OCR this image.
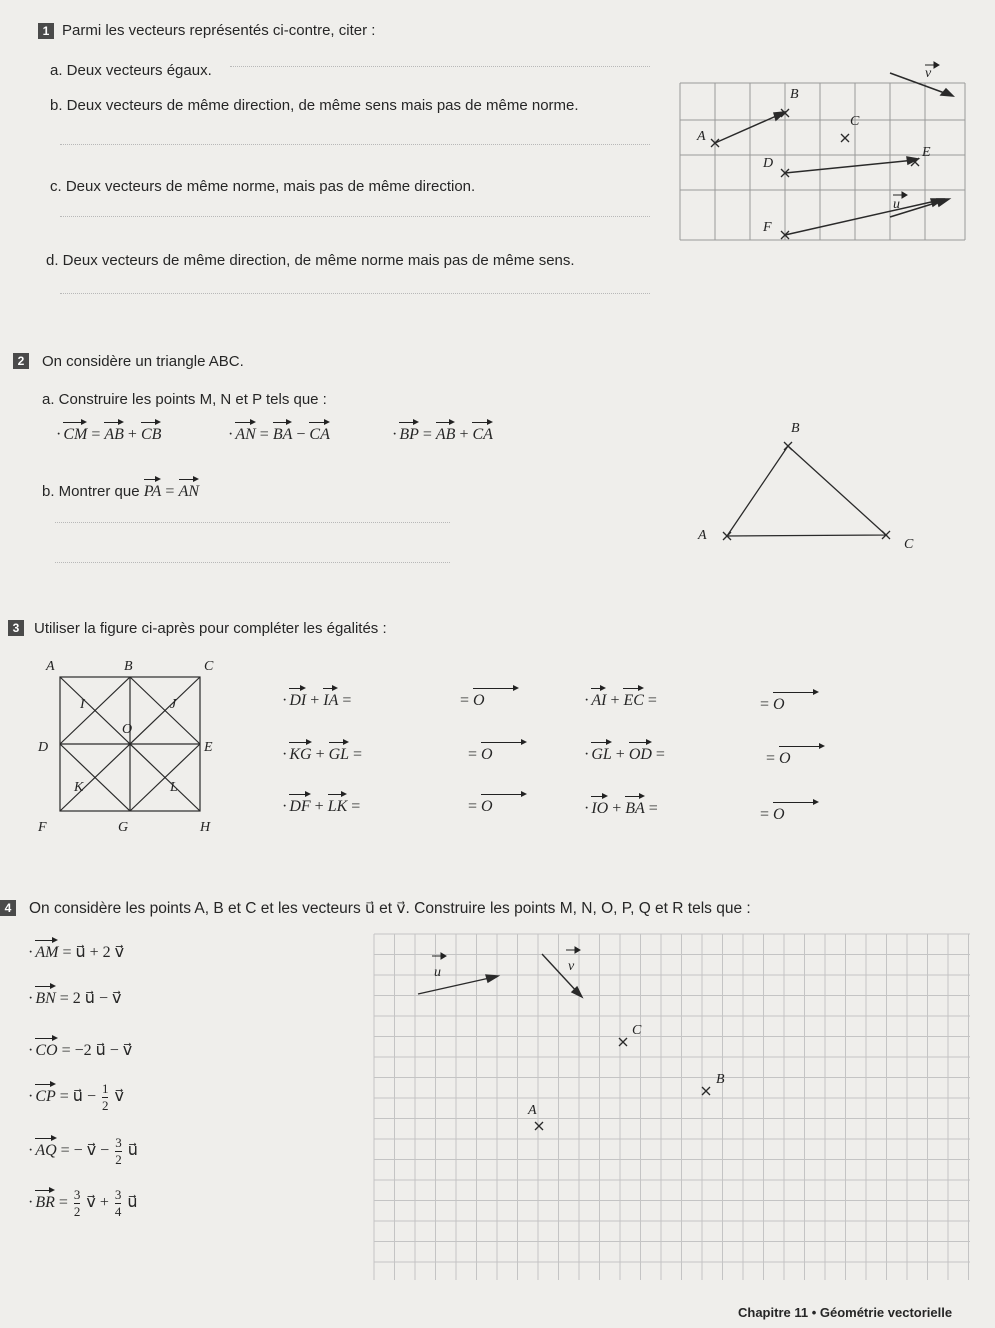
1 Parmi les vecteurs représentés ci-contre, citer :
a. Deux vecteurs égaux.
b. Deux vecteurs de même direction, de même sens mais pas de même norme.
c. Deux vecteurs de même norme, mais pas de même direction.
d. Deux vecteurs de même direction, de même norme mais pas de même sens.
v
B
A
C
D
E
u
F
2	On considère un triangle ABC.
a. Construire les points M, N et P tels que :
· CM = AB + CB	· AN = BA − CA	· BP = AB + CA
b. Montrer que PA = AN
B
A
C
3 Utiliser la figure ci-après pour compléter les égalités :
A	B	C
I	J
O
D	E
K	L
F	G	H
· DI + IA =	= O	· AI + EC =	= O
· KG + GL =	= O	· GL + OD =	= O
· DF + LK =	= O	· IO + BA =	= O
4	On considère les points A, B et C et les vecteurs u⃗ et v⃗. Construire les points M, N, O, P, Q et R tels que :
· AM = u⃗ + 2 v⃗
· BN = 2 u⃗ − v⃗
· CO = −2 u⃗ − v⃗
· CP = u⃗ − $\frac{1}{2}$ v⃗
· AQ = − v⃗ − $\frac{3}{2}$ u⃗
· BR = $\frac{3}{2}$ v⃗ + $\frac{3}{4}$ u⃗
u	v
C
B
A
Chapitre 11 • Géométrie vectorielle
